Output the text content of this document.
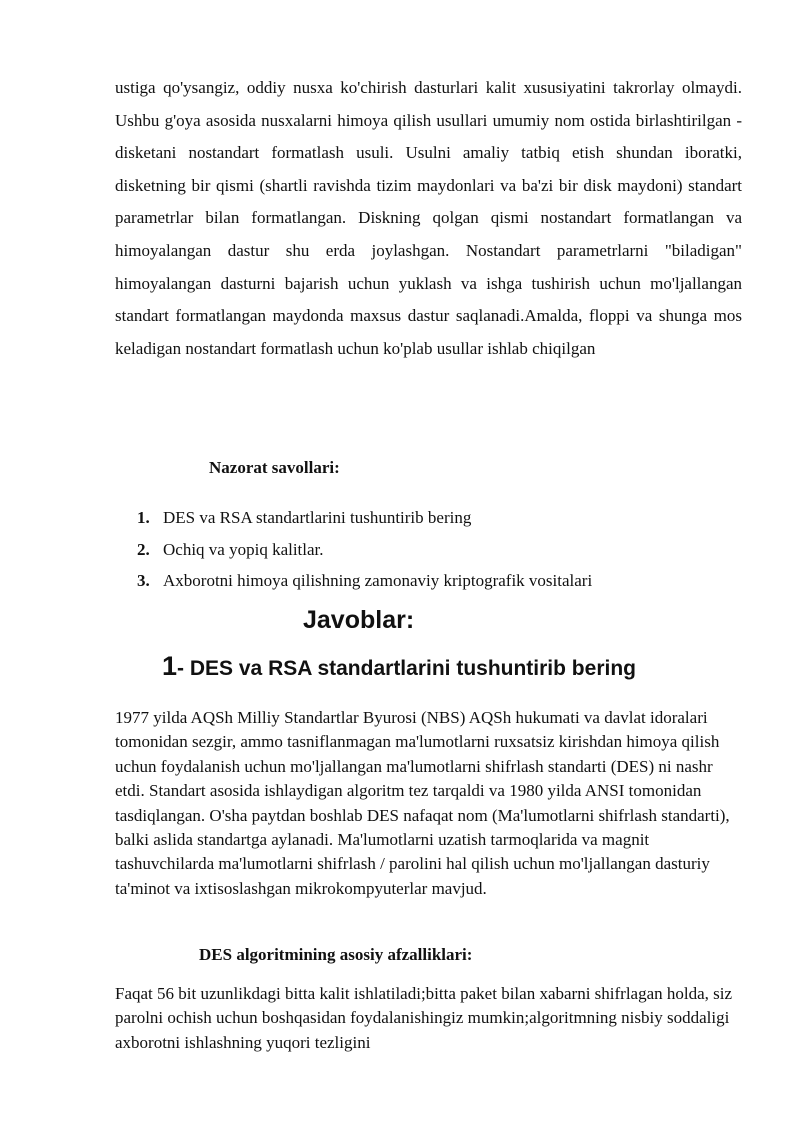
ustiga qo'ysangiz, oddiy nusxa ko'chirish dasturlari kalit xususiyatini takrorlay olmaydi. Ushbu g'oya asosida nusxalarni himoya qilish usullari umumiy nom ostida birlashtirilgan - disketani nostandart formatlash usuli. Usulni amaliy tatbiq etish shundan iboratki, disketning bir qismi (shartli ravishda tizim maydonlari va ba'zi bir disk maydoni) standart parametrlar bilan formatlangan. Diskning qolgan qismi nostandart formatlangan va himoyalangan dastur shu erda joylashgan. Nostandart parametrlarni "biladigan" himoyalangan dasturni bajarish uchun yuklash va ishga tushirish uchun mo'ljallangan standart formatlangan maydonda maxsus dastur saqlanadi.Amalda, floppi va shunga mos keladigan nostandart formatlash uchun ko'plab usullar ishlab chiqilgan

Nazorat savollari:
1. DES va RSA standartlarini tushuntirib bering
2. Ochiq va yopiq kalitlar.
3. Axborotni himoya qilishning zamonaviy kriptografik vositalari
Javoblar:
1- DES va RSA standartlarini tushuntirib bering

1977 yilda AQSh Milliy Standartlar Byurosi (NBS) AQSh hukumati va davlat idoralari tomonidan sezgir, ammo tasniflanmagan ma'lumotlarni ruxsatsiz kirishdan himoya qilish uchun foydalanish uchun mo'ljallangan ma'lumotlarni shifrlash standarti (DES) ni nashr etdi. Standart asosida ishlaydigan algoritm tez tarqaldi va 1980 yilda ANSI tomonidan tasdiqlangan. O'sha paytdan boshlab DES nafaqat nom (Ma'lumotlarni shifrlash standarti), balki aslida standartga aylanadi. Ma'lumotlarni uzatish tarmoqlarida va magnit tashuvchilarda ma'lumotlarni shifrlash / parolini hal qilish uchun mo'ljallangan dasturiy ta'minot va ixtisoslashgan mikrokompyuterlar mavjud.

DES algoritmining asosiy afzalliklari:

Faqat 56 bit uzunlikdagi bitta kalit ishlatiladi;bitta paket bilan xabarni shifrlagan holda, siz parolni ochish uchun boshqasidan foydalanishingiz mumkin;algoritmning nisbiy soddaligi axborotni ishlashning yuqori tezligini
